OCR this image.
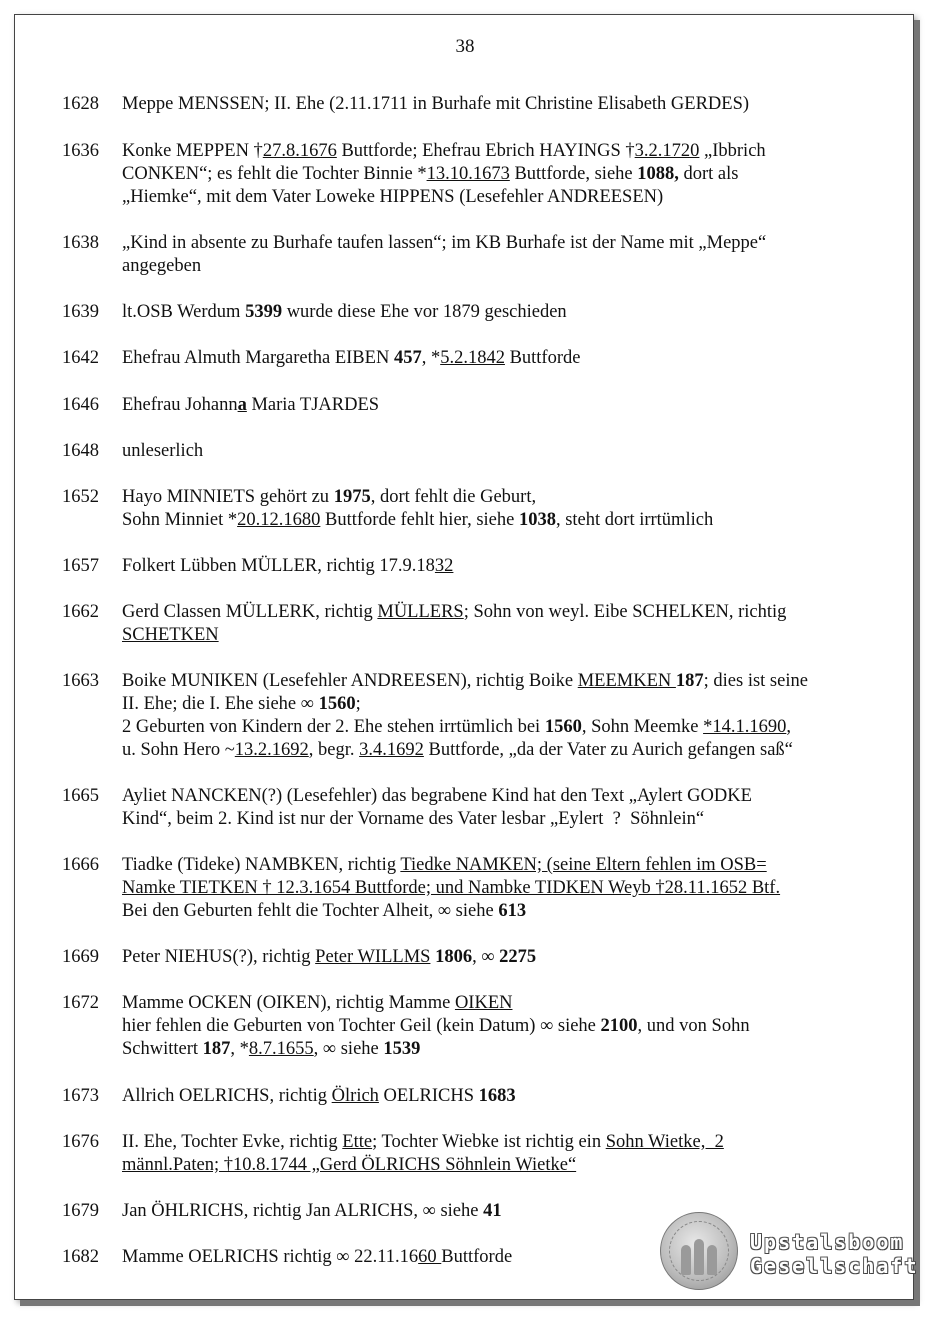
38
1628	Meppe MENSSEN; II. Ehe (2.11.1711 in Burhafe mit Christine Elisabeth GERDES)
1636	Konke MEPPEN †27.8.1676 Buttforde; Ehefrau Ebrich HAYINGS †3.2.1720 „Ibbrich
CONKEN“; es fehlt die Tochter Binnie *13.10.1673 Buttforde, siehe 1088, dort als
„Hiemke“, mit dem Vater Loweke HIPPENS (Lesefehler ANDREESEN)
1638	„Kind in absente zu Burhafe taufen lassen“; im KB Burhafe ist der Name mit „Meppe“
angegeben
1639	lt.OSB Werdum 5399 wurde diese Ehe vor 1879 geschieden
1642	Ehefrau Almuth Margaretha EIBEN 457, *5.2.1842 Buttforde
1646	Ehefrau Johanna Maria TJARDES
1648	unleserlich
1652	Hayo MINNIETS gehört zu 1975, dort fehlt die Geburt,
Sohn Minniet *20.12.1680 Buttforde fehlt hier, siehe 1038, steht dort irrtümlich
1657	Folkert Lübben MÜLLER, richtig 17.9.1832
1662	Gerd Classen MÜLLERK, richtig MÜLLERS; Sohn von weyl. Eibe SCHELKEN, richtig
SCHETKEN
1663	Boike MUNIKEN (Lesefehler ANDREESEN), richtig Boike MEEMKEN 187; dies ist seine
II. Ehe; die I. Ehe siehe ∞ 1560;
2 Geburten von Kindern der 2. Ehe stehen irrtümlich bei 1560, Sohn Meemke *14.1.1690,
u. Sohn Hero ~13.2.1692, begr. 3.4.1692 Buttforde, „da der Vater zu Aurich gefangen saß“
1665	Ayliet NANCKEN(?) (Lesefehler) das begrabene Kind hat den Text „Aylert GODKE
Kind“, beim 2. Kind ist nur der Vorname des Vater lesbar „Eylert  ?  Söhnlein“
1666	Tiadke (Tideke) NAMBKEN, richtig Tiedke NAMKEN; (seine Eltern fehlen im OSB=
Namke TIETKEN † 12.3.1654 Buttforde; und Nambke TIDKEN Weyb †28.11.1652 Btf.
Bei den Geburten fehlt die Tochter Alheit, ∞ siehe 613
1669	Peter NIEHUS(?), richtig Peter WILLMS 1806, ∞ 2275
1672	Mamme OCKEN (OIKEN), richtig Mamme OIKEN
hier fehlen die Geburten von Tochter Geil (kein Datum) ∞ siehe 2100, und von Sohn
Schwittert 187, *8.7.1655, ∞ siehe 1539
1673	Allrich OELRICHS, richtig Ölrich OELRICHS 1683
1676	II. Ehe, Tochter Evke, richtig Ette; Tochter Wiebke ist richtig ein Sohn Wietke,  2
männl.Paten; †10.8.1744 „Gerd ÖLRICHS Söhnlein Wietke“
1679	Jan ÖHLRICHS, richtig Jan ALRICHS, ∞ siehe 41
1682	Mamme OELRICHS richtig ∞ 22.11.1660 Buttforde
Upstalsboom
Gesellschaft
